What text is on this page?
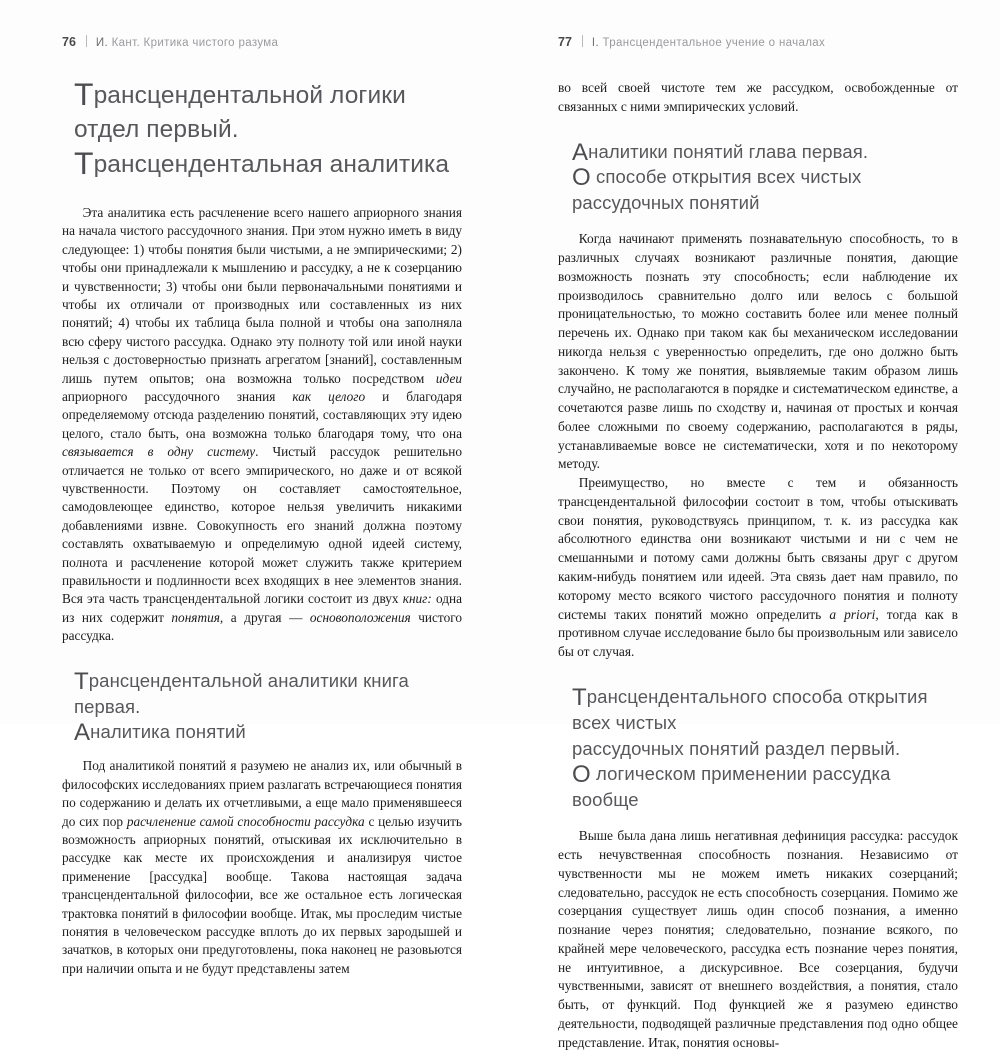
76 И. Кант. Критика чистого разума
Трансцендентальной логики
отдел первый.
Трансцендентальная аналитика

Эта аналитика есть расчленение всего нашего априорного знания на начала чистого рассудочного знания. При этом нужно иметь в виду следующее: 1) чтобы понятия были чистыми, а не эмпирическими; 2) чтобы они принадлежали к мышлению и рассудку, а не к созерцанию и чувственности; 3) чтобы они были первоначальными понятиями и чтобы их отличали от производных или составленных из них понятий; 4) чтобы их таблица была полной и чтобы она заполняла всю сферу чистого рассудка. Однако эту полноту той или иной науки нельзя с достоверностью признать агрегатом [знаний], составленным лишь путем опытов; она возможна только посредством идеи априорного рассудочного знания как целого и благодаря определяемому отсюда разделению понятий, составляющих эту идею целого, стало быть, она возможна только благодаря тому, что она связывается в одну систему. Чистый рассудок решительно отличается не только от всего эмпирического, но даже и от всякой чувственности. Поэтому он составляет самостоятельное, самодовлеющее единство, которое нельзя увеличить никакими добавлениями извне. Совокупность его знаний должна поэтому составлять охватываемую и определимую одной идеей систему, полнота и расчленение которой может служить также критерием правильности и подлинности всех входящих в нее элементов знания. Вся эта часть трансцендентальной логики состоит из двух книг: одна из них содержит понятия, а другая — основоположения чистого рассудка.

Трансцендентальной аналитики книга первая.
Аналитика понятий

Под аналитикой понятий я разумею не анализ их, или обычный в философских исследованиях прием разлагать встречающиеся понятия по содержанию и делать их отчетливыми, а еще мало применявшееся до сих пор расчленение самой способности рассудка с целью изучить возможность априорных понятий, отыскивая их исключительно в рассудке как месте их происхождения и анализируя чистое применение [рассудка] вообще. Такова настоящая задача трансцендентальной философии, все же остальное есть логическая трактовка понятий в философии вообще. Итак, мы проследим чистые понятия в человеческом рассудке вплоть до их первых зародышей и зачатков, в которых они предуготовлены, пока наконец не разовьются при наличии опыта и не будут представлены затем

77 I. Трансцендентальное учение о началах

во всей своей чистоте тем же рассудком, освобожденные от связанных с ними эмпирических условий.

Аналитики понятий глава первая.
О способе открытия всех чистых
рассудочных понятий

Когда начинают применять познавательную способность, то в различных случаях возникают различные понятия, дающие возможность познать эту способность; если наблюдение их производилось сравнительно долго или велось с большой проницательностью, то можно составить более или менее полный перечень их. Однако при таком как бы механическом исследовании никогда нельзя с уверенностью определить, где оно должно быть закончено. К тому же понятия, выявляемые таким образом лишь случайно, не располагаются в порядке и систематическом единстве, а сочетаются разве лишь по сходству и, начиная от простых и кончая более сложными по своему содержанию, располагаются в ряды, устанавливаемые вовсе не систематически, хотя и по некоторому методу.

Преимущество, но вместе с тем и обязанность трансцендентальной философии состоит в том, чтобы отыскивать свои понятия, руководствуясь принципом, т. к. из рассудка как абсолютного единства они возникают чистыми и ни с чем не смешанными и потому сами должны быть связаны друг с другом каким-нибудь понятием или идеей. Эта связь дает нам правило, по которому место всякого чистого рассудочного понятия и полноту системы таких понятий можно определить a priori, тогда как в противном случае исследование было бы произвольным или зависело бы от случая.

Трансцендентального способа открытия всех чистых
рассудочных понятий раздел первый.
О логическом применении рассудка вообще

Выше была дана лишь негативная дефиниция рассудка: рассудок есть нечувственная способность познания. Независимо от чувственности мы не можем иметь никаких созерцаний; следовательно, рассудок не есть способность созерцания. Помимо же созерцания существует лишь один способ познания, а именно познание через понятия; следовательно, познание всякого, по крайней мере человеческого, рассудка есть познание через понятия, не интуитивное, а дискурсивное. Все созерцания, будучи чувственными, зависят от внешнего воздействия, а понятия, стало быть, от функций. Под функцией же я разумею единство деятельности, подводящей различные представления под одно общее представление. Итак, понятия основы-
